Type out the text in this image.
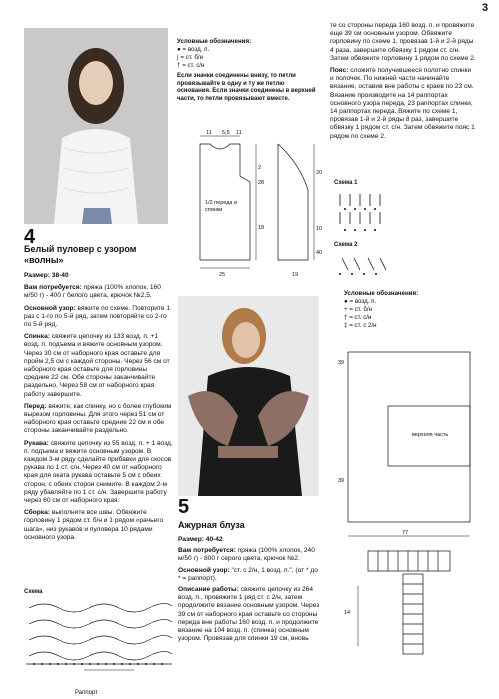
3
4
Белый пуловер с узором «волны»
Размер: 38-40
Вам потребуется: пряжа (100% хлопок, 160 м/50 г) - 400 г белого цвета, крючок №2,5.
Основной узор: вяжите по схеме. Повторите 1 раз с 1-го по 5-й ряд, затем повторяйте со 2-го по 5-й ряд.
Спинка: свяжите цепочку из 133 возд. п. +1 возд. п. подъема и вяжите основным узором. Через 30 см от наборного края оставьте для пройм 2,5 см с каждой стороны. Через 56 см от наборного края оставьте для горловины средние 22 см. Обе стороны заканчивайте раздельно. Через 58 см от наборного края работу завершите.
Перед: вяжите, как спинку, но с более глубоким вырезом горловины. Для этого через 51 см от наборного края оставьте средние 22 см и обе стороны заканчивайте раздельно.
Рукава: свяжите цепочку из 55 возд. п. + 1 возд. п. подъема и вяжите основным узором. В каждом 3-м ряду сделайте прибавки для скосов рукава по 1 ст. с/н. Через 40 см от наборного края для оката рукава оставьте 5 см с обеих сторон, с обеих сторон снимите. В каждом 2-м ряду убавляйте по 1 ст. с/н. Завершите работу через 60 см от наборного края.
Сборка: выполните все швы. Обвяжите горловину 1 рядом ст. б/н и 1 рядом «рачьего шага», низ рукавов и пуловера 10 рядами основного узора.
Схема
Раппорт
Условные обозначения:
● = возд. п.
| = ст. б/н
† = ст. с/н
Если значки соединены внизу, то петли провязывайте в одну и ту же петлю основания. Если значки соединены в верхней части, то петли провязывают вместе.
11 5,5 11
28
2
18
1/2 переда и спинки
25
20
40
10
19
5
Ажурная блуза
Размер: 40-42
Вам потребуется: пряжа (100% хлопок, 240 м/50 г) - 800 г серого цвета, крючок №2.
Основной узор: "ст. с 2/н, 1 возд. п.", (от * до * = раппорт).
Описание работы: свяжите цепочку из 264 возд. п., провяжите 1 ряд ст. с 2/н, затем продолжите вязание основным узором. Через 39 см от наборного края оставьте со стороны переда вне работы 160 возд. п. и продолжите вязание на 104 возд. п. (спинка) основным узором. Провязав для спинки 19 см, вновь
те со стороны переда 160 возд. п. и провяжите еще 39 см основным узором. Обвяжите горловину по схеме 1, провязав 1-й и 2-й ряды 4 раза, завершите обвязку 1 рядом ст. с/н. Затем обвяжите горловину 1 рядом по схеме 2.
Пояс: сложите получившееся полотно спинки и полочек. По нижней части начинайте вязание, оставив вне работы с краев по 23 см. Вязание производите на 14 раппортах основного узора переда, 23 раппортах спинки, 14 раппортах переда. Вяжите по схеме 1, провязав 1-й и 2-й ряды 8 раз, завершите обвязку 1 рядом ст. с/н. Затем обвяжите пояс 1 рядом по схеме 2.
Схема 1
Схема 2
Условные обозначения:
● = возд. п.
+ = ст. б/н
† = ст. с/н
‡ = ст. с 2/н
39
39
верхняя часть
77
14
